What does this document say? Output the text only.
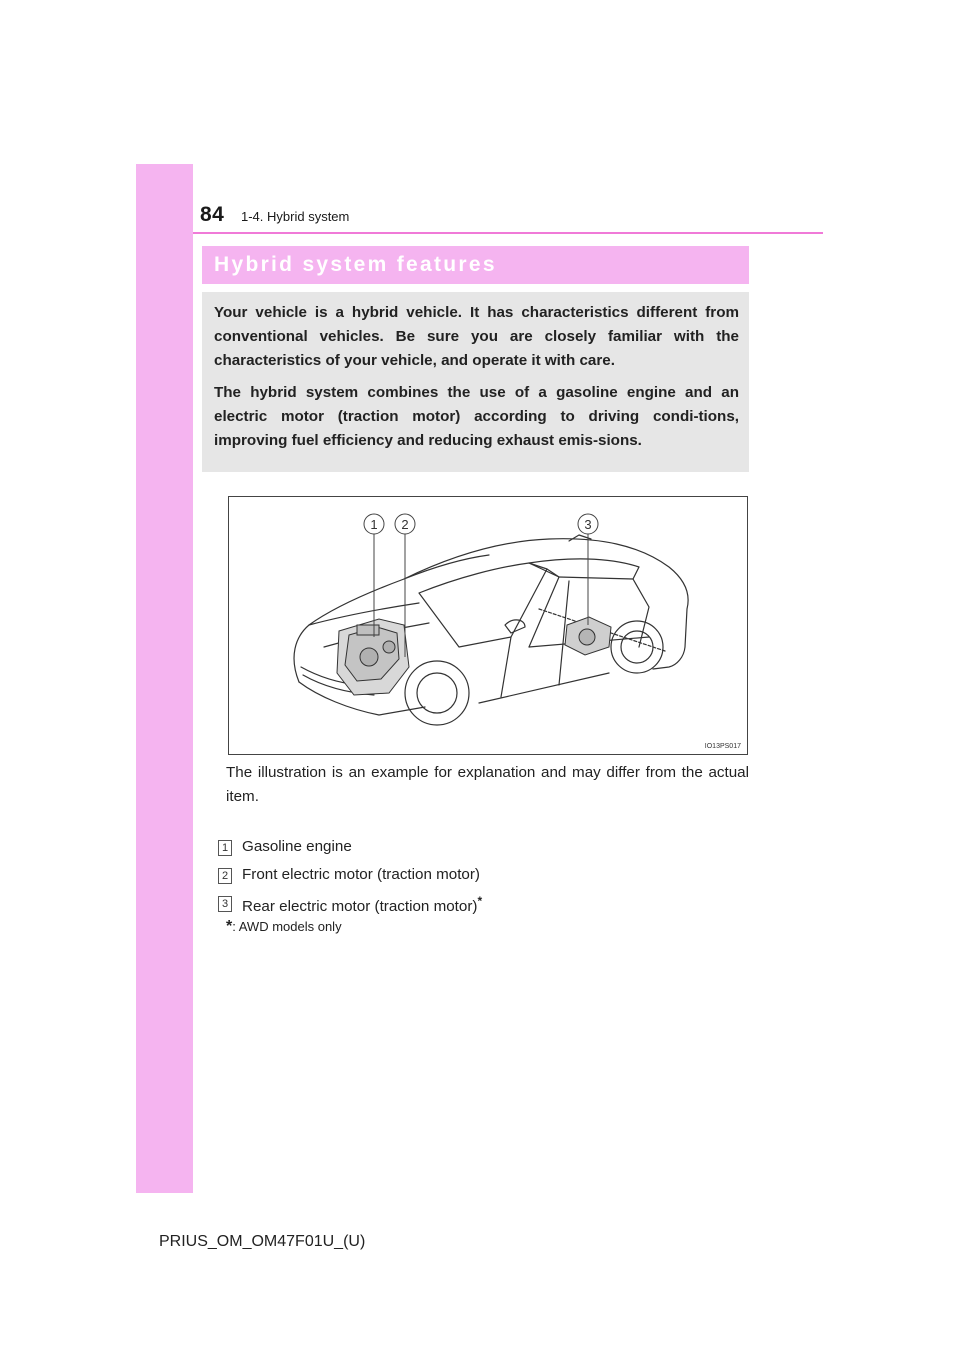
84 1-4. Hybrid system
Hybrid system features

Your vehicle is a hybrid vehicle. It has characteristics different from conventional vehicles. Be sure you are closely familiar with the characteristics of your vehicle, and operate it with care.

The hybrid system combines the use of a gasoline engine and an electric motor (traction motor) according to driving condi-tions, improving fuel efficiency and reducing exhaust emis-sions.

1 2	3
IO13PS017
The illustration is an example for explanation and may differ from the actual item.
1 Gasoline engine
2 Front electric motor (traction motor)
3 Rear electric motor (traction motor)*
*: AWD models only
PRIUS_OM_OM47F01U_(U)
